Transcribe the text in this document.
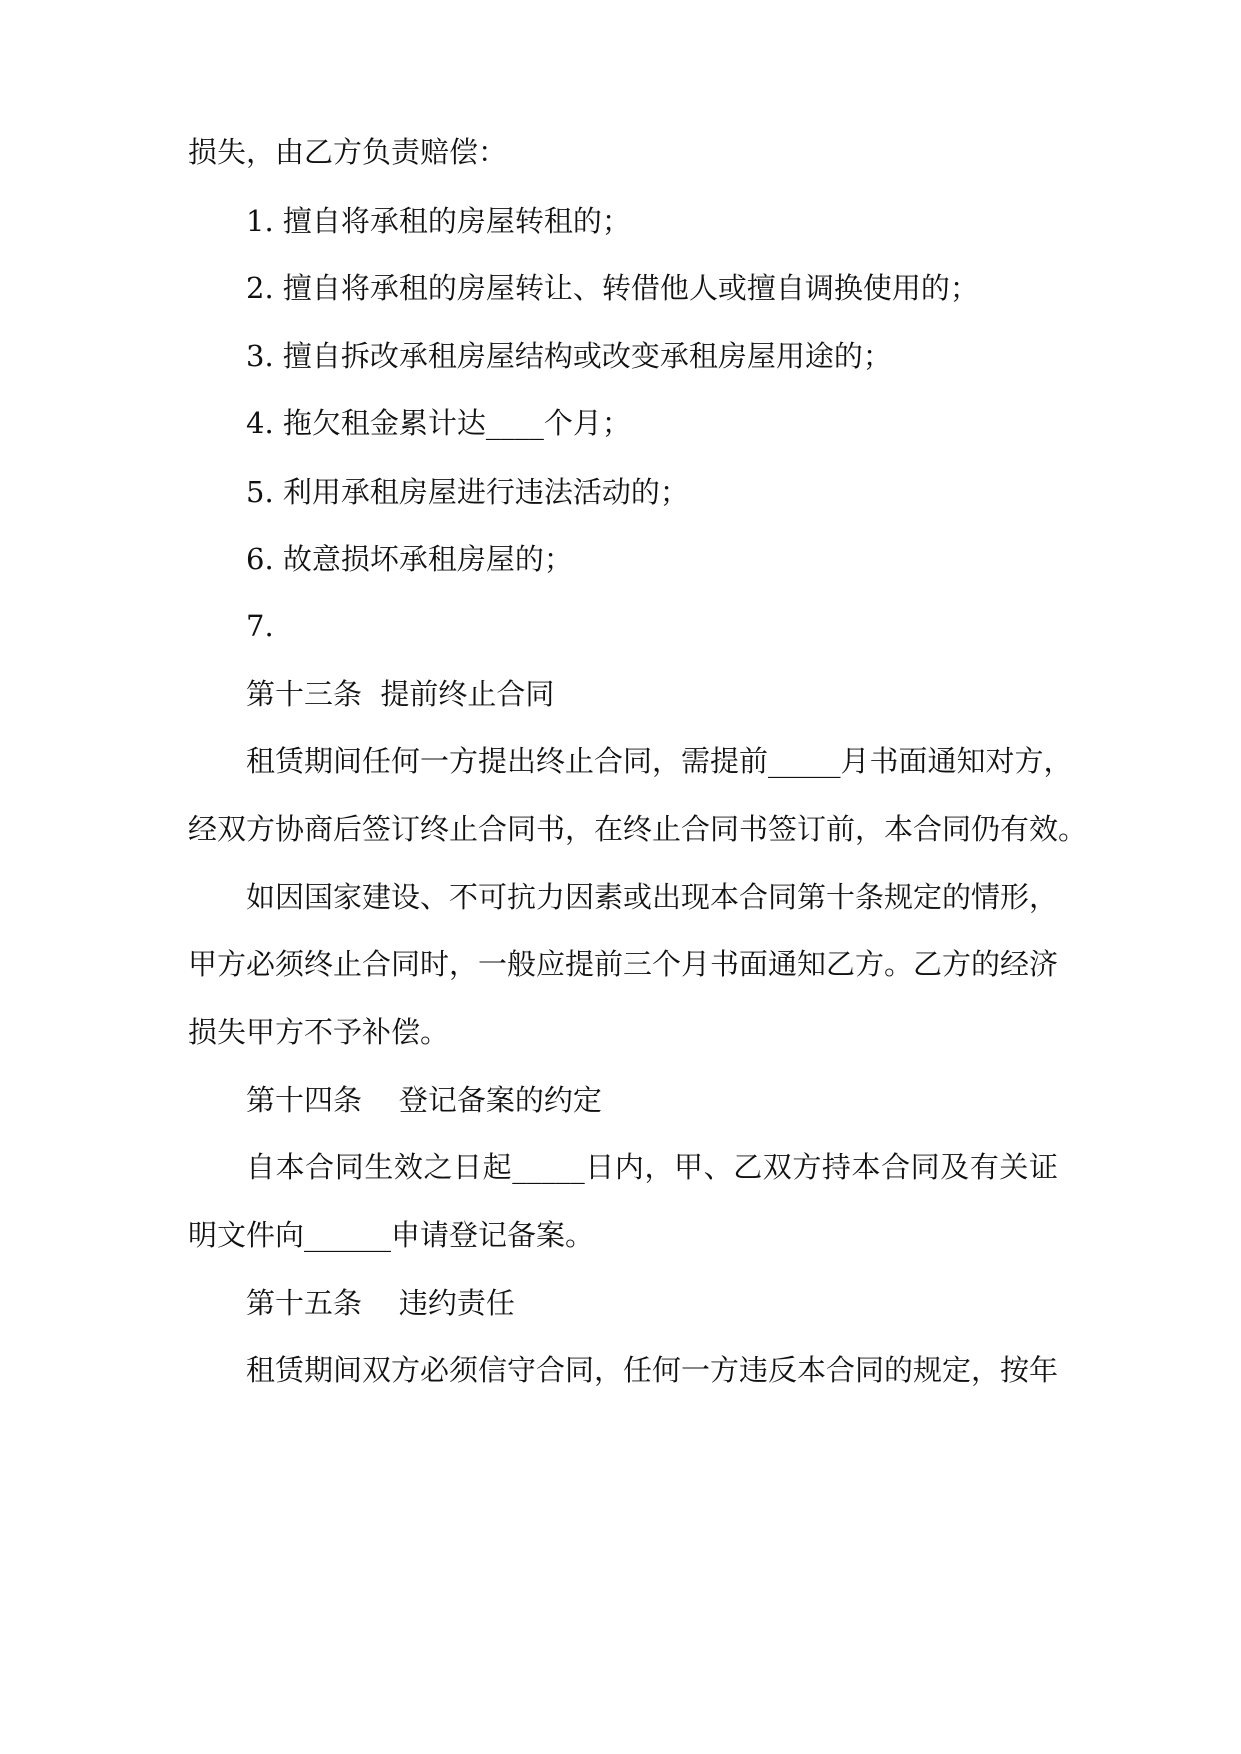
损失，由乙方负责赔偿：
1. 擅自将承租的房屋转租的；
2. 擅自将承租的房屋转让、转借他人或擅自调换使用的；
3. 擅自拆改承租房屋结构或改变承租房屋用途的；
4. 拖欠租金累计达____个月；
5. 利用承租房屋进行违法活动的；
6. 故意损坏承租房屋的；
7.
第十三条  提前终止合同
租赁期间任何一方提出终止合同，需提前_____月书面通知对方，
经双方协商后签订终止合同书，在终止合同书签订前，本合同仍有效。
如因国家建设、不可抗力因素或出现本合同第十条规定的情形，
甲方必须终止合同时，一般应提前三个月书面通知乙方。乙方的经济
损失甲方不予补偿。
第十四条    登记备案的约定
自本合同生效之日起_____日内，甲、乙双方持本合同及有关证
明文件向______申请登记备案。
第十五条    违约责任
租赁期间双方必须信守合同，任何一方违反本合同的规定，按年
